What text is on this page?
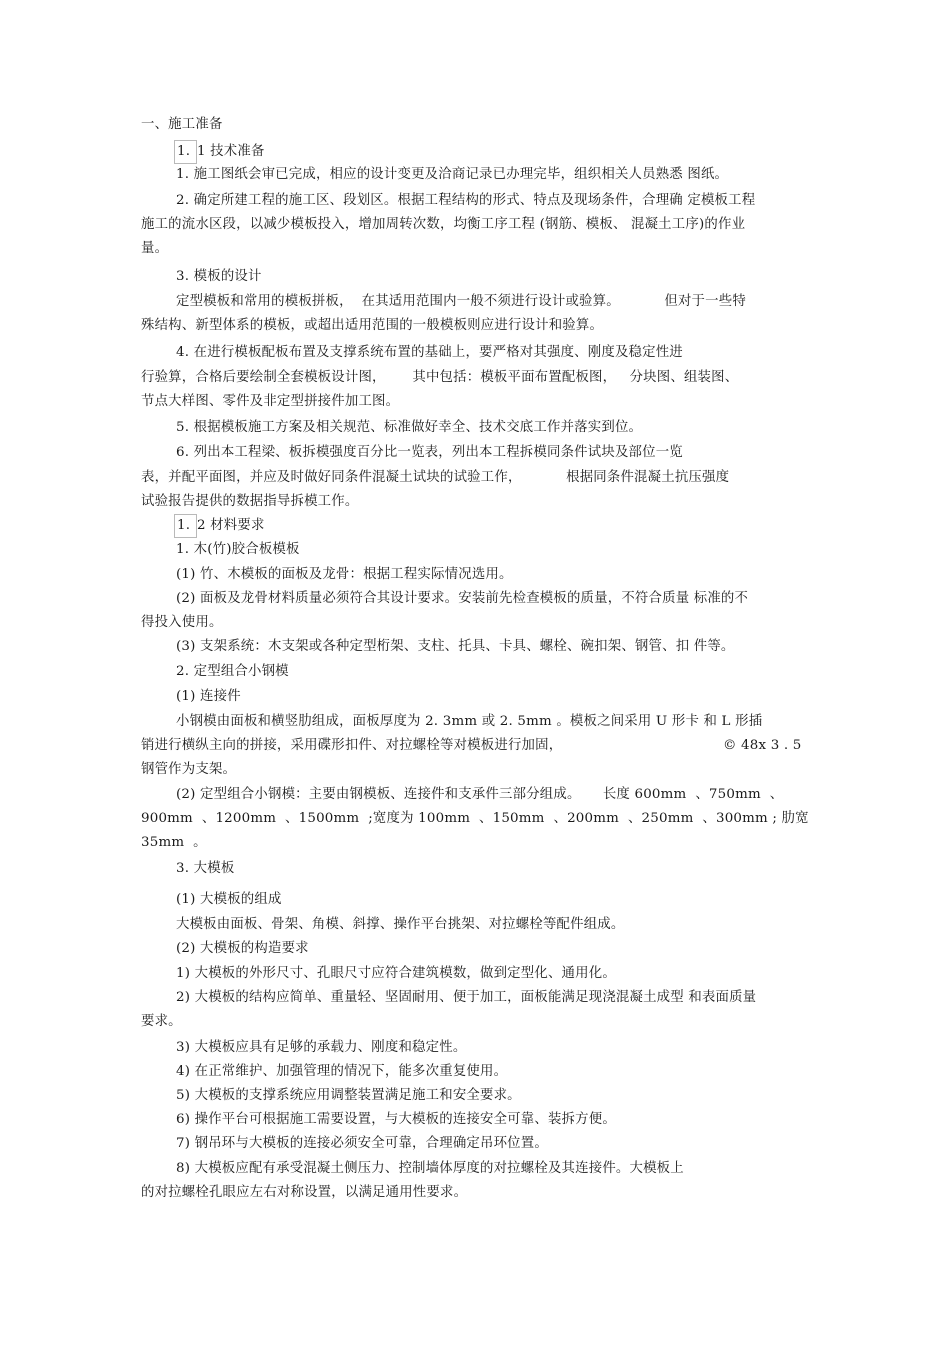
一、施工准备
1. 1 技术准备
1. 施工图纸会审已完成，相应的设计变更及洽商记录已办理完毕，组织相关人员熟悉 图纸。
2. 确定所建工程的施工区、段划区。根据工程结构的形式、特点及现场条件，合理确 定模板工程
施工的流水区段，以减少模板投入，增加周转次数，均衡工序工程 (钢筋、模板、 混凝土工序)的作业
量。
3. 模板的设计
定型模板和常用的模板拼板，  在其适用范围内一般不须进行设计或验算。          但对于一些特
殊结构、新型体系的模板，或超出适用范围的一般模板则应进行设计和验算。
4. 在进行模板配板布置及支撑系统布置的基础上，要严格对其强度、刚度及稳定性进
行验算，合格后要绘制全套模板设计图，      其中包括：模板平面布置配板图，   分块图、组装图、
节点大样图、零件及非定型拼接件加工图。
5. 根据模板施工方案及相关规范、标准做好幸全、技术交底工作并落实到位。
6. 列出本工程梁、板拆模强度百分比一览表，列出本工程拆模同条件试块及部位一览
表，并配平面图，并应及时做好同条件混凝土试块的试验工作，          根据同条件混凝土抗压强度
试验报告提供的数据指导拆模工作。
1. 2 材料要求
1. 木(竹)胶合板模板
(1) 竹、木模板的面板及龙骨：根据工程实际情况选用。
(2) 面板及龙骨材料质量必须符合其设计要求。安装前先检查模板的质量，不符合质量 标准的不
得投入使用。
(3) 支架系统：木支架或各种定型桁架、支柱、托具、卡具、螺栓、碗扣架、钢管、扣 件等。
2. 定型组合小钢模
(1) 连接件
小钢模由面板和横竖肋组成，面板厚度为 2. 3mm 或 2. 5mm 。模板之间采用 U 形卡 和 L 形插
销进行横纵主向的拼接，采用碟形扣件、对拉螺栓等对模板进行加固，	© 48x 3 . 5
钢管作为支架。
(2) 定型组合小钢模：主要由钢模板、连接件和支承件三部分组成。     长度 600mm  、750mm  、
900mm  、1200mm  、1500mm  ;宽度为 100mm  、150mm  、200mm  、250mm  、300mm ; 肋宽
35mm  。
3. 大模板
(1) 大模板的组成
大模板由面板、骨架、角模、斜撑、操作平台挑架、对拉螺栓等配件组成。
(2) 大模板的构造要求
1) 大模板的外形尺寸、孔眼尺寸应符合建筑模数，做到定型化、通用化。
2) 大模板的结构应简单、重量轻、坚固耐用、便于加工，面板能满足现浇混凝土成型 和表面质量
要求。
3) 大模板应具有足够的承载力、刚度和稳定性。
4) 在正常维护、加强管理的情况下，能多次重复使用。
5) 大模板的支撑系统应用调整装置满足施工和安全要求。
6) 操作平台可根据施工需要设置，与大模板的连接安全可靠、装拆方便。
7) 钢吊环与大模板的连接必须安全可靠，合理确定吊环位置。
8) 大模板应配有承受混凝土侧压力、控制墙体厚度的对拉螺栓及其连接件。大模板上
的对拉螺栓孔眼应左右对称设置，以满足通用性要求。
